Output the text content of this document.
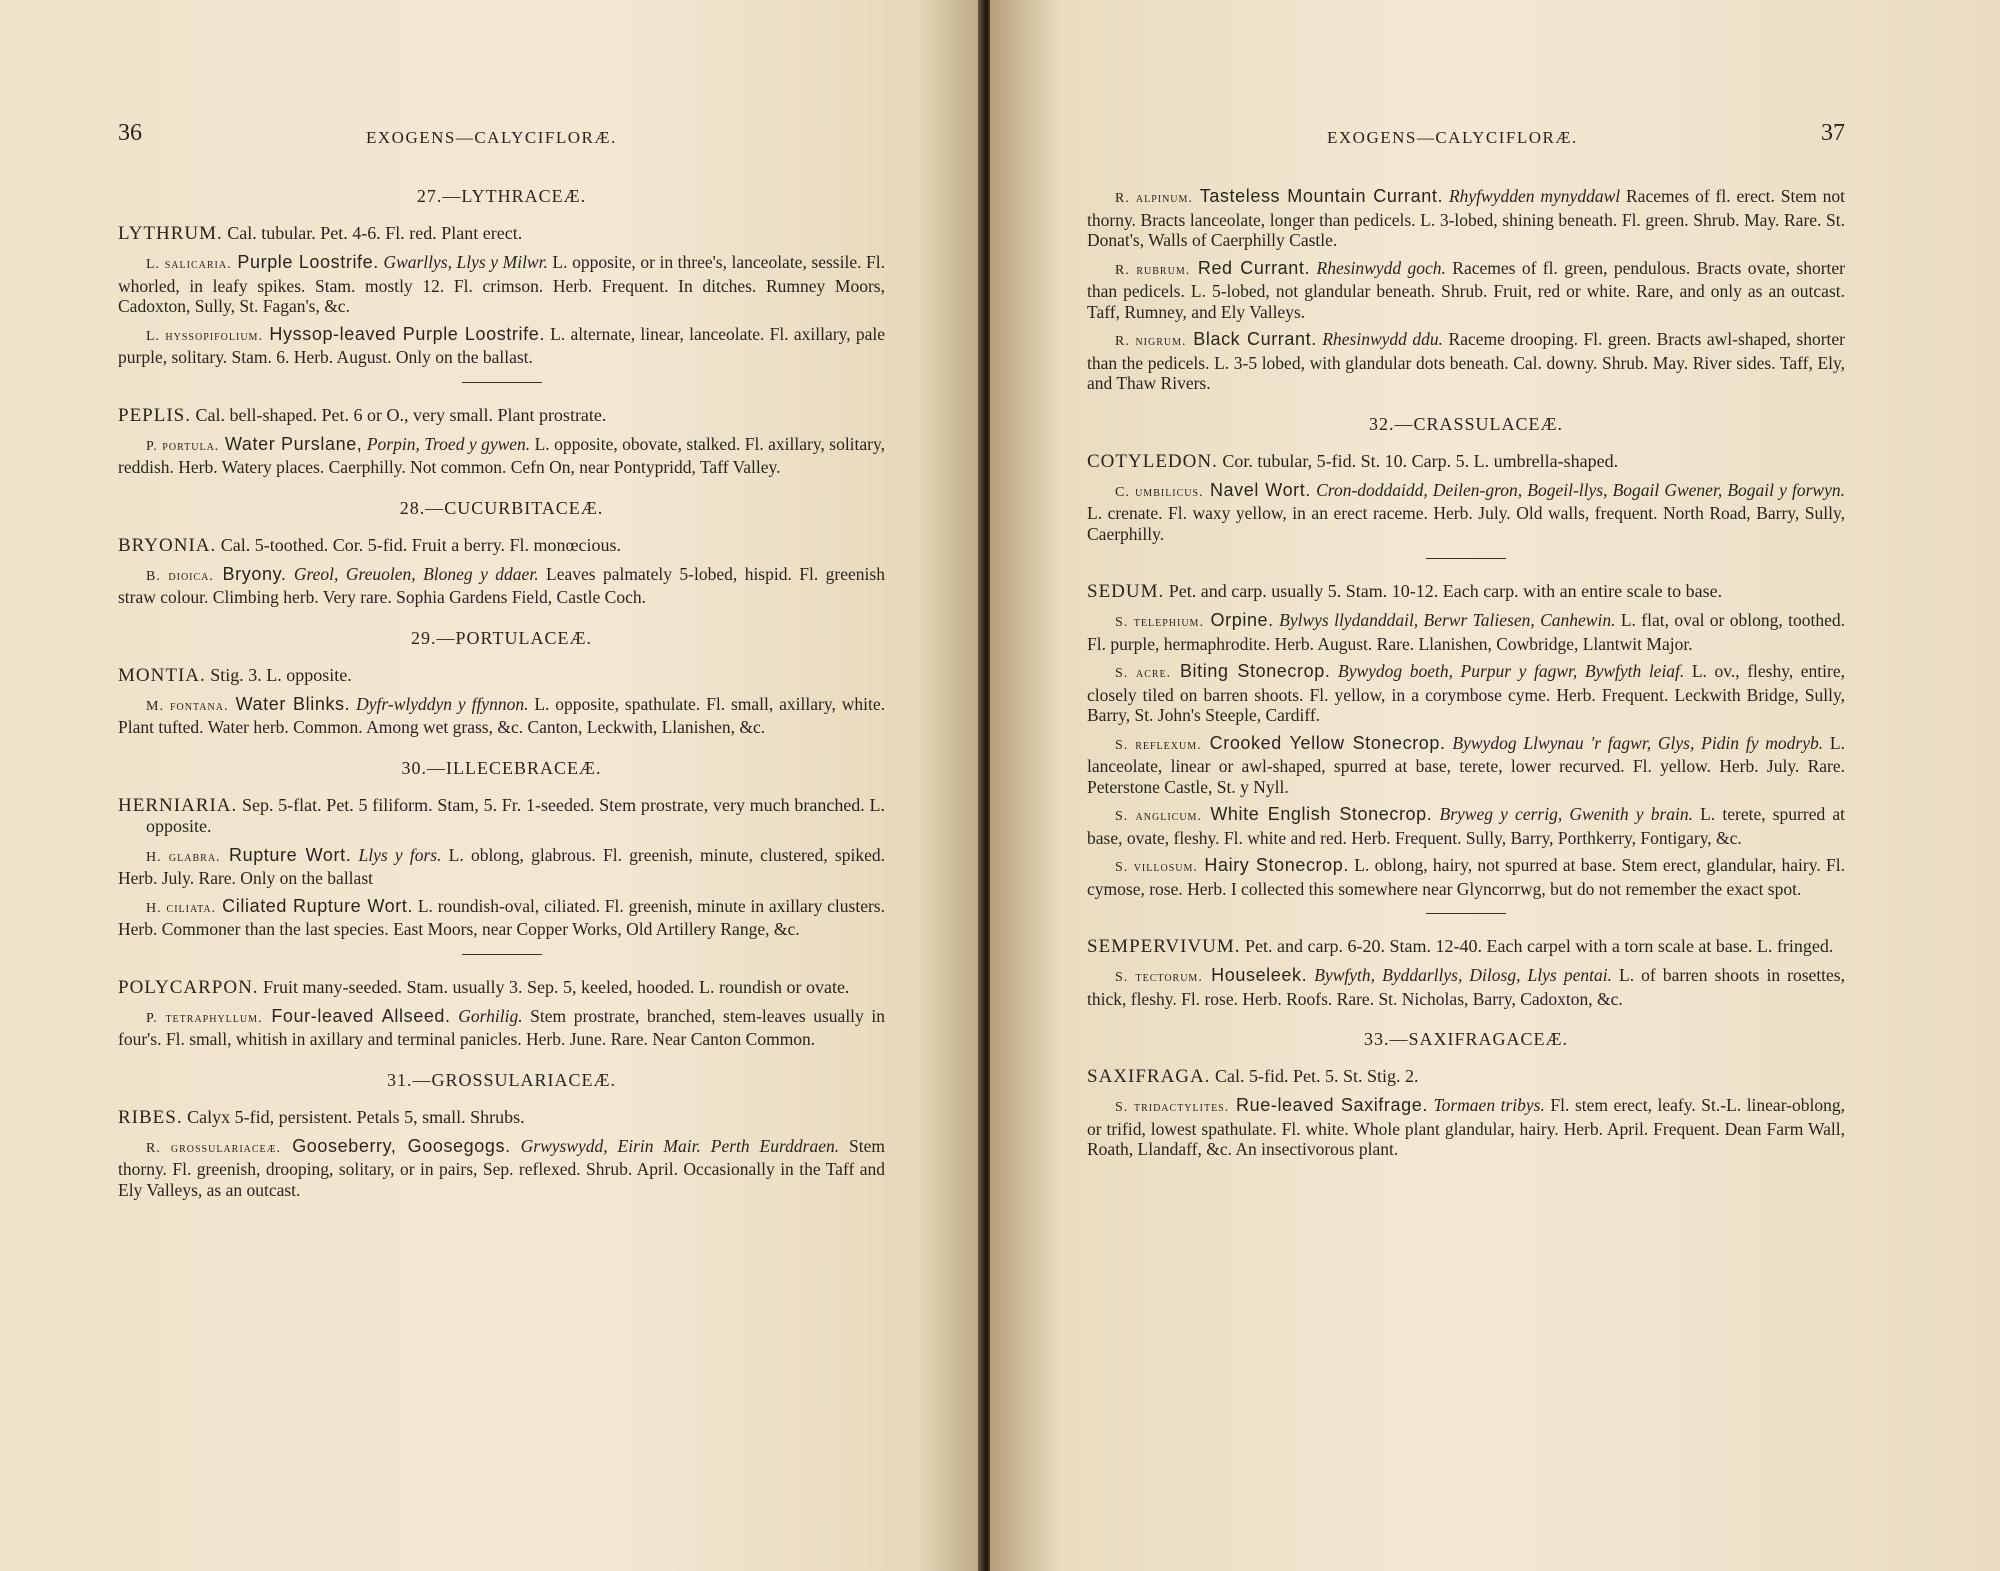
36	EXOGENS—CALYCIFLORÆ.
27.—LYTHRACEÆ.

LYTHRUM. Cal. tubular. Pet. 4-6. Fl. red. Plant erect.

L. salicaria. Purple Loostrife. Gwarllys, Llys y Milwr. L. opposite, or in three's, lanceolate, sessile. Fl. whorled, in leafy spikes. Stam. mostly 12. Fl. crimson. Herb. Frequent. In ditches. Rumney Moors, Cadoxton, Sully, St. Fagan's, &c.

L. hyssopifolium. Hyssop-leaved Purple Loostrife. L. alternate, linear, lanceolate. Fl. axillary, pale purple, solitary. Stam. 6. Herb. August. Only on the ballast.

PEPLIS. Cal. bell-shaped. Pet. 6 or O., very small. Plant prostrate.

P. portula. Water Purslane, Porpin, Troed y gywen. L. opposite, obovate, stalked. Fl. axillary, solitary, reddish. Herb. Watery places. Caerphilly. Not common. Cefn On, near Pontypridd, Taff Valley.

28.—CUCURBITACEÆ.

BRYONIA. Cal. 5-toothed. Cor. 5-fid. Fruit a berry. Fl. monœcious.

B. dioica. Bryony. Greol, Greuolen, Bloneg y ddaer. Leaves palmately 5-lobed, hispid. Fl. greenish straw colour. Climbing herb. Very rare. Sophia Gardens Field, Castle Coch.

29.—PORTULACEÆ.

MONTIA. Stig. 3. L. opposite.

M. fontana. Water Blinks. Dyfr-wlyddyn y ffynnon. L. opposite, spathulate. Fl. small, axillary, white. Plant tufted. Water herb. Common. Among wet grass, &c. Canton, Leckwith, Llanishen, &c.

30.—ILLECEBRACEÆ.

HERNIARIA. Sep. 5-flat. Pet. 5 filiform. Stam, 5. Fr. 1-seeded. Stem prostrate, very much branched. L. opposite.

H. glabra. Rupture Wort. Llys y fors. L. oblong, glabrous. Fl. greenish, minute, clustered, spiked. Herb. July. Rare. Only on the ballast

H. ciliata. Ciliated Rupture Wort. L. roundish-oval, ciliated. Fl. greenish, minute in axillary clusters. Herb. Commoner than the last species. East Moors, near Copper Works, Old Artillery Range, &c.

POLYCARPON. Fruit many-seeded. Stam. usually 3. Sep. 5, keeled, hooded. L. roundish or ovate.

P. tetraphyllum. Four-leaved Allseed. Gorhilig. Stem prostrate, branched, stem-leaves usually in four's. Fl. small, whitish in axillary and terminal panicles. Herb. June. Rare. Near Canton Common.

31.—GROSSULARIACEÆ.

RIBES. Calyx 5-fid, persistent. Petals 5, small. Shrubs.

R. grossulariaceæ. Gooseberry, Goosegogs. Grwyswydd, Eirin Mair. Perth Eurddraen. Stem thorny. Fl. greenish, drooping, solitary, or in pairs, Sep. reflexed. Shrub. April. Occasionally in the Taff and Ely Valleys, as an outcast.

EXOGENS—CALYCIFLORÆ.	37

R. alpinum. Tasteless Mountain Currant. Rhyfwydden mynyddawl Racemes of fl. erect. Stem not thorny. Bracts lanceolate, longer than pedicels. L. 3-lobed, shining beneath. Fl. green. Shrub. May. Rare. St. Donat's, Walls of Caerphilly Castle.

R. rubrum. Red Currant. Rhesinwydd goch. Racemes of fl. green, pendulous. Bracts ovate, shorter than pedicels. L. 5-lobed, not glandular beneath. Shrub. Fruit, red or white. Rare, and only as an outcast. Taff, Rumney, and Ely Valleys.

R. nigrum. Black Currant. Rhesinwydd ddu. Raceme drooping. Fl. green. Bracts awl-shaped, shorter than the pedicels. L. 3-5 lobed, with glandular dots beneath. Cal. downy. Shrub. May. River sides. Taff, Ely, and Thaw Rivers.

32.—CRASSULACEÆ.

COTYLEDON. Cor. tubular, 5-fid. St. 10. Carp. 5. L. umbrella-shaped.

C. umbilicus. Navel Wort. Cron-doddaidd, Deilen-gron, Bogeil-llys, Bogail Gwener, Bogail y forwyn. L. crenate. Fl. waxy yellow, in an erect raceme. Herb. July. Old walls, frequent. North Road, Barry, Sully, Caerphilly.

SEDUM. Pet. and carp. usually 5. Stam. 10-12. Each carp. with an entire scale to base.

S. telephium. Orpine. Bylwys llydanddail, Berwr Taliesen, Canhewin. L. flat, oval or oblong, toothed. Fl. purple, hermaphrodite. Herb. August. Rare. Llanishen, Cowbridge, Llantwit Major.

S. acre. Biting Stonecrop. Bywydog boeth, Purpur y fagwr, Bywfyth leiaf. L. ov., fleshy, entire, closely tiled on barren shoots. Fl. yellow, in a corymbose cyme. Herb. Frequent. Leckwith Bridge, Sully, Barry, St. John's Steeple, Cardiff.

S. reflexum. Crooked Yellow Stonecrop. Bywydog Llwynau 'r fagwr, Glys, Pidin fy modryb. L. lanceolate, linear or awl-shaped, spurred at base, terete, lower recurved. Fl. yellow. Herb. July. Rare. Peterstone Castle, St. y Nyll.

S. anglicum. White English Stonecrop. Bryweg y cerrig, Gwenith y brain. L. terete, spurred at base, ovate, fleshy. Fl. white and red. Herb. Frequent. Sully, Barry, Porthkerry, Fontigary, &c.

S. villosum. Hairy Stonecrop. L. oblong, hairy, not spurred at base. Stem erect, glandular, hairy. Fl. cymose, rose. Herb. I collected this somewhere near Glyncorrwg, but do not remember the exact spot.

SEMPERVIVUM. Pet. and carp. 6-20. Stam. 12-40. Each carpel with a torn scale at base. L. fringed.

S. tectorum. Houseleek. Bywfyth, Byddarllys, Dilosg, Llys pentai. L. of barren shoots in rosettes, thick, fleshy. Fl. rose. Herb. Roofs. Rare. St. Nicholas, Barry, Cadoxton, &c.

33.—SAXIFRAGACEÆ.

SAXIFRAGA. Cal. 5-fid. Pet. 5. St. Stig. 2.

S. tridactylites. Rue-leaved Saxifrage. Tormaen tribys. Fl. stem erect, leafy. St.-L. linear-oblong, or trifid, lowest spathulate. Fl. white. Whole plant glandular, hairy. Herb. April. Frequent. Dean Farm Wall, Roath, Llandaff, &c. An insectivorous plant.
